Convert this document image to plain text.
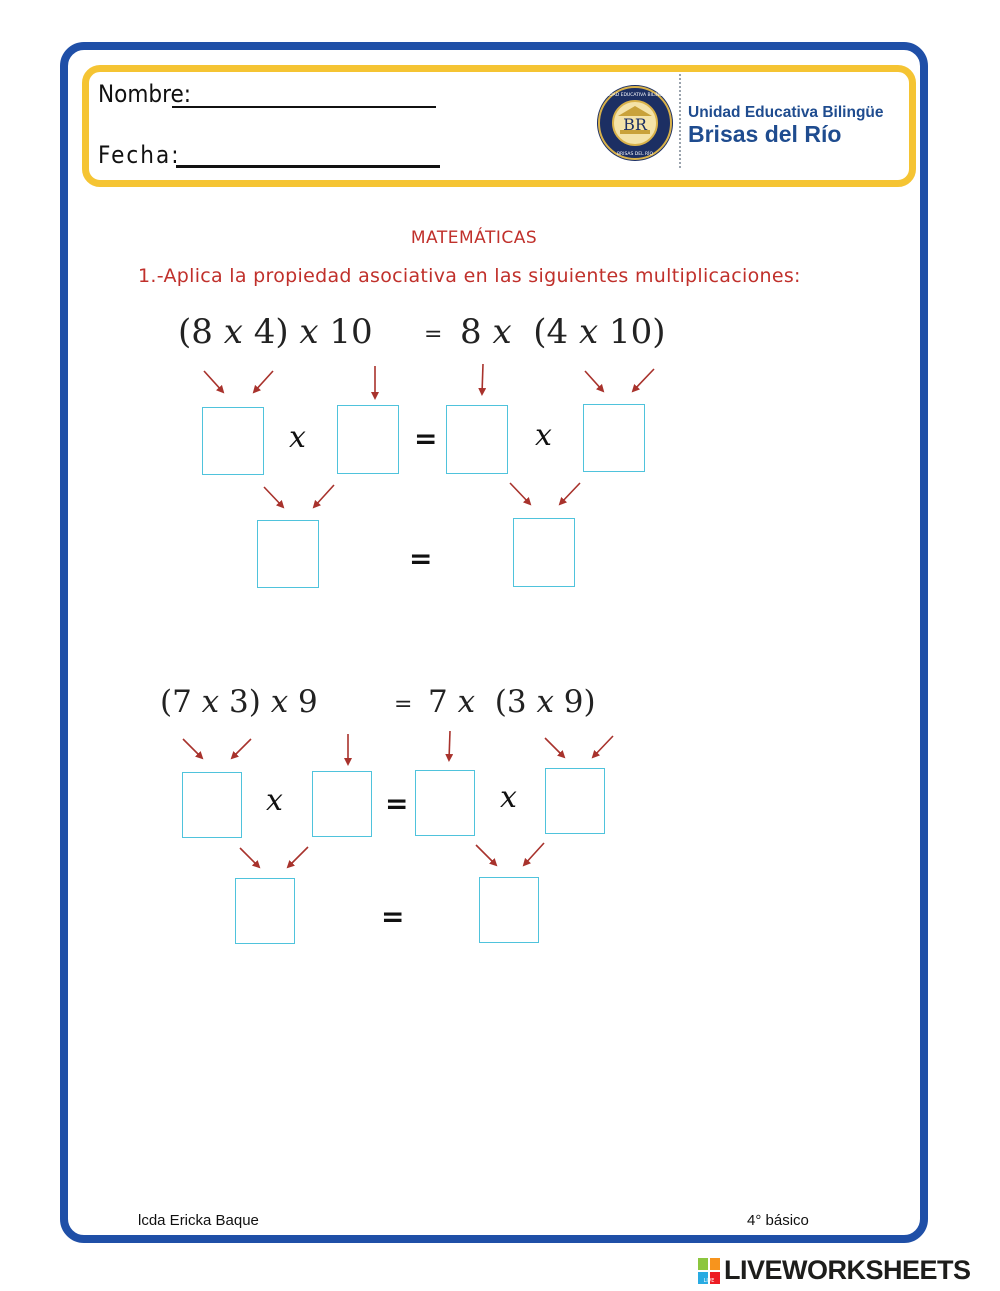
Nombre:
Fecha:
BR
UNIDAD EDUCATIVA BILINGÜE
BRISAS DEL RÍO
Unidad Educativa Bilingüe
Brisas del Río
MATEMÁTICAS
1.-Aplica la propiedad asociativa en las siguientes multiplicaciones:
(8 x 4) x 10 = 8 x  (4 x 10)
x	=	x
=
(7 x 3) x 9	= 7 x  (3 x 9)
x	=	x
=
lcda Ericka Baque	4° básico
LIVE LIVEWORKSHEETS
